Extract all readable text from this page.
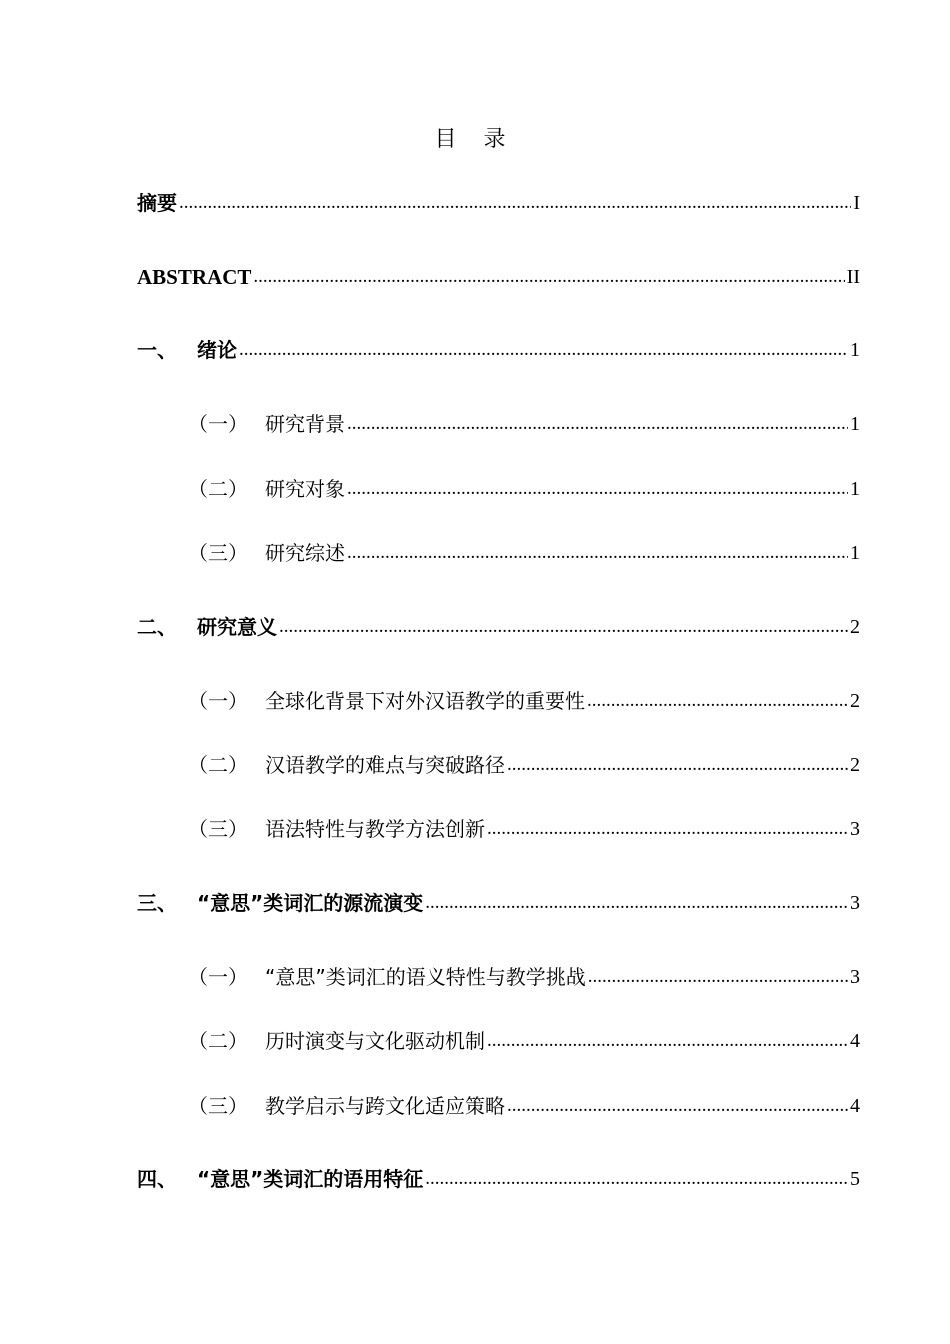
目 录
摘要 .....	I
ABSTRACT .....	II
一、	绪论 .....	1
（一） 研究背景 .....	1
（二） 研究对象 .....	1
（三） 研究综述 .....	1
二、	研究意义 .....	2
（一） 全球化背景下对外汉语教学的重要性 .....	2
（二） 汉语教学的难点与突破路径 .....	2
（三） 语法特性与教学方法创新 .....	3
三、	“意思”类词汇的源流演变 .....	3
（一） “意思”类词汇的语义特性与教学挑战 .....	3
（二） 历时演变与文化驱动机制 .....	4
（三） 教学启示与跨文化适应策略 .....	4
四、	“意思”类词汇的语用特征 .....	5
